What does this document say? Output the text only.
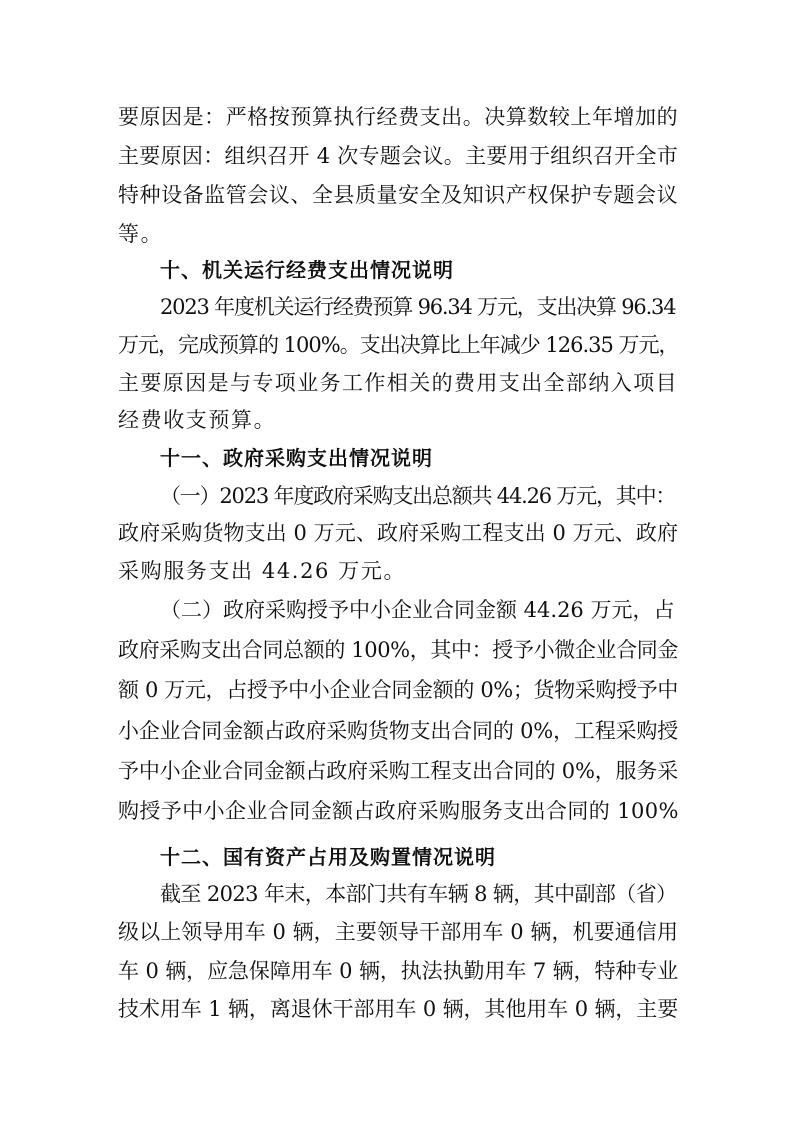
要原因是：严格按预算执行经费支出。决算数较上年增加的
主要原因：组织召开 4 次专题会议。主要用于组织召开全市
特种设备监管会议、全县质量安全及知识产权保护专题会议
等。
十、机关运行经费支出情况说明
2023 年度机关运行经费预算 96.34 万元，支出决算 96.34
万元，完成预算的 100%。支出决算比上年减少 126.35 万元，
主要原因是与专项业务工作相关的费用支出全部纳入项目
经费收支预算。
十一、政府采购支出情况说明
（一）2023 年度政府采购支出总额共 44.26 万元，其中：
政府采购货物支出 0 万元、政府采购工程支出 0 万元、政府
采购服务支出 44.26 万元。
（二）政府采购授予中小企业合同金额 44.26 万元，占
政府采购支出合同总额的 100%，其中：授予小微企业合同金
额 0 万元，占授予中小企业合同金额的 0%；货物采购授予中
小企业合同金额占政府采购货物支出合同的 0%，工程采购授
予中小企业合同金额占政府采购工程支出合同的 0%，服务采
购授予中小企业合同金额占政府采购服务支出合同的 100%
十二、国有资产占用及购置情况说明
截至 2023 年末，本部门共有车辆 8 辆，其中副部（省）
级以上领导用车 0 辆，主要领导干部用车 0 辆，机要通信用
车 0 辆，应急保障用车 0 辆，执法执勤用车 7 辆，特种专业
技术用车 1 辆，离退休干部用车 0 辆，其他用车 0 辆，主要
